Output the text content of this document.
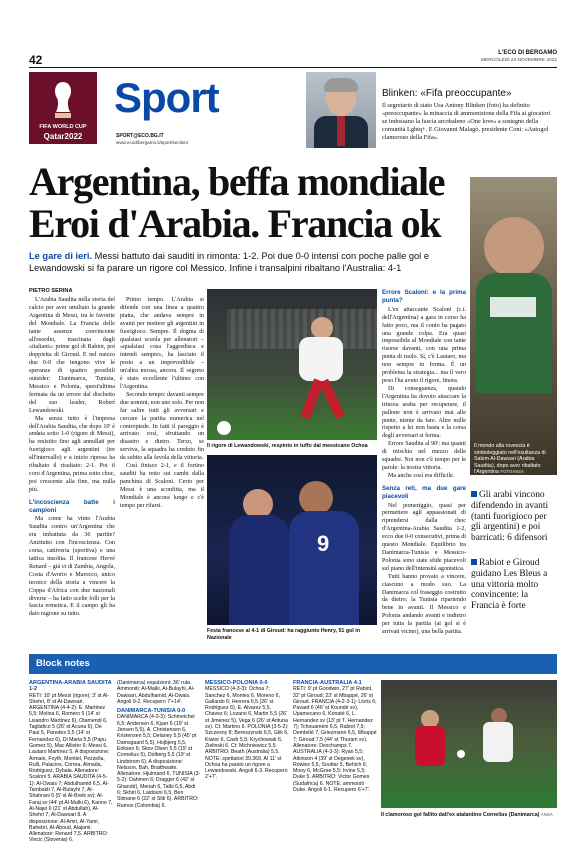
42	L'ECO DI BERGAMO
MERCOLEDÌ 23 NOVEMBRE 2022
FIFA WORLD CUP
Qatar2022
Sport
SPORT@ECO.BG.IT
www.ecodibergamo.it/sport/section/
Blinken: «Fifa preoccupante»
Il segretario di stato Usa Antony Blinken (foto) ha definito «preoccupante» la minaccia di ammonizione della Fifa ai giocatori se indossano la fascia arcobaleno «One love» a sostegno della comunità Lgbtq+. E Giovanni Malagò, presidente Coni: «Autogol clamoroso della Fifa».
Argentina, beffa mondiale
Eroi d'Arabia. Francia ok
Le gare di ieri. Messi battuto dai sauditi in rimonta: 1-2. Poi due 0-0 intensi con poche palle gol e Lewandowski si fa parare un rigore col Messico. Infine i transalpini ribaltano l'Australia: 4-1
Il mondo alla rovescia è simboleggiato nell'esultanza di Salem Al-Dawsari (Arabia Saudita), dopo aver ribaltato l'Argentina FOTOANSA
PIETRO SERINA

L'Arabia Saudita nella storia del calcio per aver umiliato la grande Argentina di Messi, tra le favorite del Mondiale. La Francia delle tante assenze convincente all'esordio, trascinata dagli «italiani»: prime gol di Rabiot, poi doppietta di Giroud. E nel mezzo due 0-0 che tengono vive le speranze di quattro possibili outsider: Danimarca, Tunisia, Messico e Polonia, quest'ultima fermata da un errore dal dischetto del suo leader, Robert Lewandowski.

Ma senza tutto è l'impresa dell'Arabia Saudita, che dopo 10' è andata sotto 1-0 (rigore di Messi), ha resistito fino agli annullati per fuorigioco agli argentini (tre all'intervallo) e a inizio ripresa ha ribaltato il risultato: 2-1. Poi il coro d'Argentina, prima sotto choc, poi crescente alla fine, ma nulla più.

L'incoscienza batte i campioni

Ma come ha vinto l'Arabia Saudita contro un'Argentina che era imbattuta da 36 partite? Anzitutto con l'incoscienza. Con corsa, cattiveria (sportiva) e una tattica insolita. Il francese Hervé Renard – già ct di Zambia, Angola, Costa d'Avorio e Marocco, unico tecnico della storia a vincere la Coppa d'Africa con due nazionali diverse – ha fatto scelte folli per la fascia ermetica. E il campo gli ha dato ragione su tutto.

Primo tempo. L'Arabia si difende con una linea a quattro piatta, che andava sempre in avanti per mettere gli argentini in fuorigioco. Sempre. Il dogma di qualsiasi scuola per allenatori – «qualsiasi cosa l'aggredisca e intendi sempre», ha lasciato il posto a un imprevedibile – un'altra mossa, ancora. Il segreto è stato eccellente l'ultimo con l'Argentina.

Secondo tempo: davanti sempre due uomini, non uno solo. Per non far salire tutti gli avversari e cercare la partita numerica nel contropiede. In fatti il pareggio è arrivato così, sfruttando un disastro e dietro. Terzo, se serviva, la squadra ha creduto fin da subito alla favola della vittoria.

Così finisce 2-1, e il fortino sauditi ha retto sui cambi dalla panchina di Scaloni. Certo per Messi è una sconfitta, ma il Mondiale è ancora lungo e c'è tempo per rifarsi.

Il rigore di Lewandowski, respinto in tuffo dal messicano Ochoa
9
Festa francese al 4-1 di Giroud: ha raggiunto Henry, 51 gol in Nazionale
Errore Scaloni: e la prima punta?

L'ex attaccante Scaloni (c.t. dell'Argentina) a gara in corso ha fatto poco, ma il conto ha pagato una grande colpa. Era quasi impossibile al Mondiale con tante risorse davanti, con una prima punta di ruolo. Sì, c'è Lautaro, ma non sempre in forma. È un problema la strategia... ma il vero peso l'ha avuto il rigore, finora.

Di conseguenza, quando l'Argentina ha dovuto attaccare la trincea araba per recuperare, il pallone non è arrivato mai alle punte, niente da fare. Altre mille rispetto a lei non basta e la corsa degli avversari si ferma.

Errore Saudita al 90': ma quanti di mischia nel mezzo delle squadre. Noi non c'è tempo per le parole: la nostra vittoria.

Ma anche così era difficile.

Senza reti, ma due gare piacevoli

Nel pomeriggio, quasi per permettere agli appassionati di riprendersi dalla choc d'Argentina-Arabia Saudita 1-2, ecco due 0-0 consecutivi, prima di questo Mondiale. Equilibrio tra Danimarca-Tunisia e Messico-Polonia sono state sfide piacevoli sul piano dell'intensità agonistica.

Tutti hanno provato a vincere, ciascuno a modo suo. La Danimarca col fraseggio costruito da dietro; la Tunisia ripartendo bene in avanti. Il Messico e Polonia andando avanti e indietro per tutta la partita (ai gol si è arrivati vicino), una bella partita.

Gli arabi vincono difendendo in avanti (tanti fuorigioco per gli argentini) e poi barricati: 6 difensori
Rabiot e Giroud guidano Les Bleus a una vittoria molto convincente: la Francia è forte
Block notes
ARGENTINA-ARABIA SAUDITA 1-2
RETI: 10' pt Messi (rigore); 3' st Al-Shehri, 8' st Al-Dawsari. ARGENTINA (4-4-2): E. Martinez 5,5; Molina 6, Romero 5 (14' st Lisandro Martinez 6), Otamendi 6, Tagliafico 5 (26' st Acuna 6); De Paul 5, Paredes 5,5 (14' st Fernandez 6), Di Maria 5,5 (Papu Gomez 5), Mac Allister 6; Messi 6, Lautaro Martinez 5. A disposizione: Armani, Foyth, Montiel, Pezzella, Rulli, Palacios, Correa, Almada, Rodriguez, Dybala. Allenatore: Scaloni 5. ARABIA SAUDITA (4-5-1): Al-Owais 7; Abdulhamid 6,5, Al-Tambakti 7, Al-Bulayhi 7, Al-Shahrani 6 (5' st Al-Breik sv); Al-Faraj sv (44' pt Al-Malki 6), Kanno 7, Al-Najei 6 (21' st Abdullah), Al-Shehri 7, Al-Dawsari 8. A disposizione: Al-Amri, Al-Yami, Bahebri, Al-Aboud, Alajami. Allenatore: Renard 7,5. ARBITRO: Vincic (Slovenia) 6.
(Danimarca) espulsioni: 36' ruta. Ammoniti: Al-Malki, Al-Bulayhi, Al-Dawsari, Abdulhamid, Al-Owais. Angoli 9-2. Recupero 7'+14'.
DANIMARCA-TUNISIA 0-0
DANIMARCA (4-3-3): Schmeichel 6,5; Andersen 6, Kjaer 6 (19' st Jensen 5,5), A. Christensen 6, Kristensen 5,5; Delaney 5,5 (45' pt Damsgaard 5,5), Hojbjerg 5,5, Eriksen 6; Skov Olsen 5,5 (19' st Cornelius 5), Dolberg 5,5 (19' st Lindstrom 6). A disposizione: Nelsson, Bah, Braithwaite. Allenatore: Hjulmand 6. TUNISIA (3-5-2): Dahmen 6; Dragger 6 (42' st Ghandri), Meriah 6, Talbi 6,5, Abdi 6; Skhiri 6, Laidouni 6,5, Ben Slimane 6 (22' st Sliti 6). ARBITRO: Ramos (Colombia) 6.
MESSICO-POLONIA 0-0
MESSICO (4-3-3): Ochoa 7; Sanchez 6, Montes 6, Moreno 6, Gallardo 6; Herrera 6,5 (26' st Rodriguez 6), E. Alvarez 5,5, Chavez 6; Lozano 6, Martin 5,5 (26' st Jimenez 5), Vega 6 (26' st Antuna sv). Ct: Martino 6. POLONIA (3-5-2): Szczesny 8; Bereszynski 6,5, Glik 6, Kiwior 6, Cash 5,5; Krychowiak 6, Zielinski 6. Ct: Michniewicz 5,5. ARBITRO: Beath (Australia) 5,5. NOTE: spettatori 39.369. Al 11' st Ochoa ha parato un rigore a Lewandowski. Angoli 6-3. Recupero 2'+7'.
FRANCIA-AUSTRALIA 4-1
RETI: 9' pt Goodwin, 27' pt Rabiot, 32' pt Giroud; 23' st Mbappé, 26' st Giroud. FRANCIA (4-2-3-1): Lloris 6; Pavard 6 (46' st Koundé sv), Upamecano 6, Konaté 6, L. Hernandez sv (13' pt T. Hernandez 7); Tchouaméni 6,5, Rabiot 7,5; Dembélé 7, Griezmann 6,5, Mbappé 7; Giroud 7,5 (44' st Thuram sv). Allenatore: Deschamps 7. AUSTRALIA (4-3-3): Ryan 5,5; Atkinson 4 (39' st Degenek sv), Rowles 5,5, Souttar 5, Behich 6; Mooy 6, McGree 5,5; Irvine 5,5; Duke 5. ARBITRO: Victor Gomes (Sudafrica) 6. NOTE: ammoniti Duke. Angoli 6-1. Recupero 6'+7'.
Il clamoroso gol fallito dall'ex atalantino Cornelius (Danimarca) ANSA
